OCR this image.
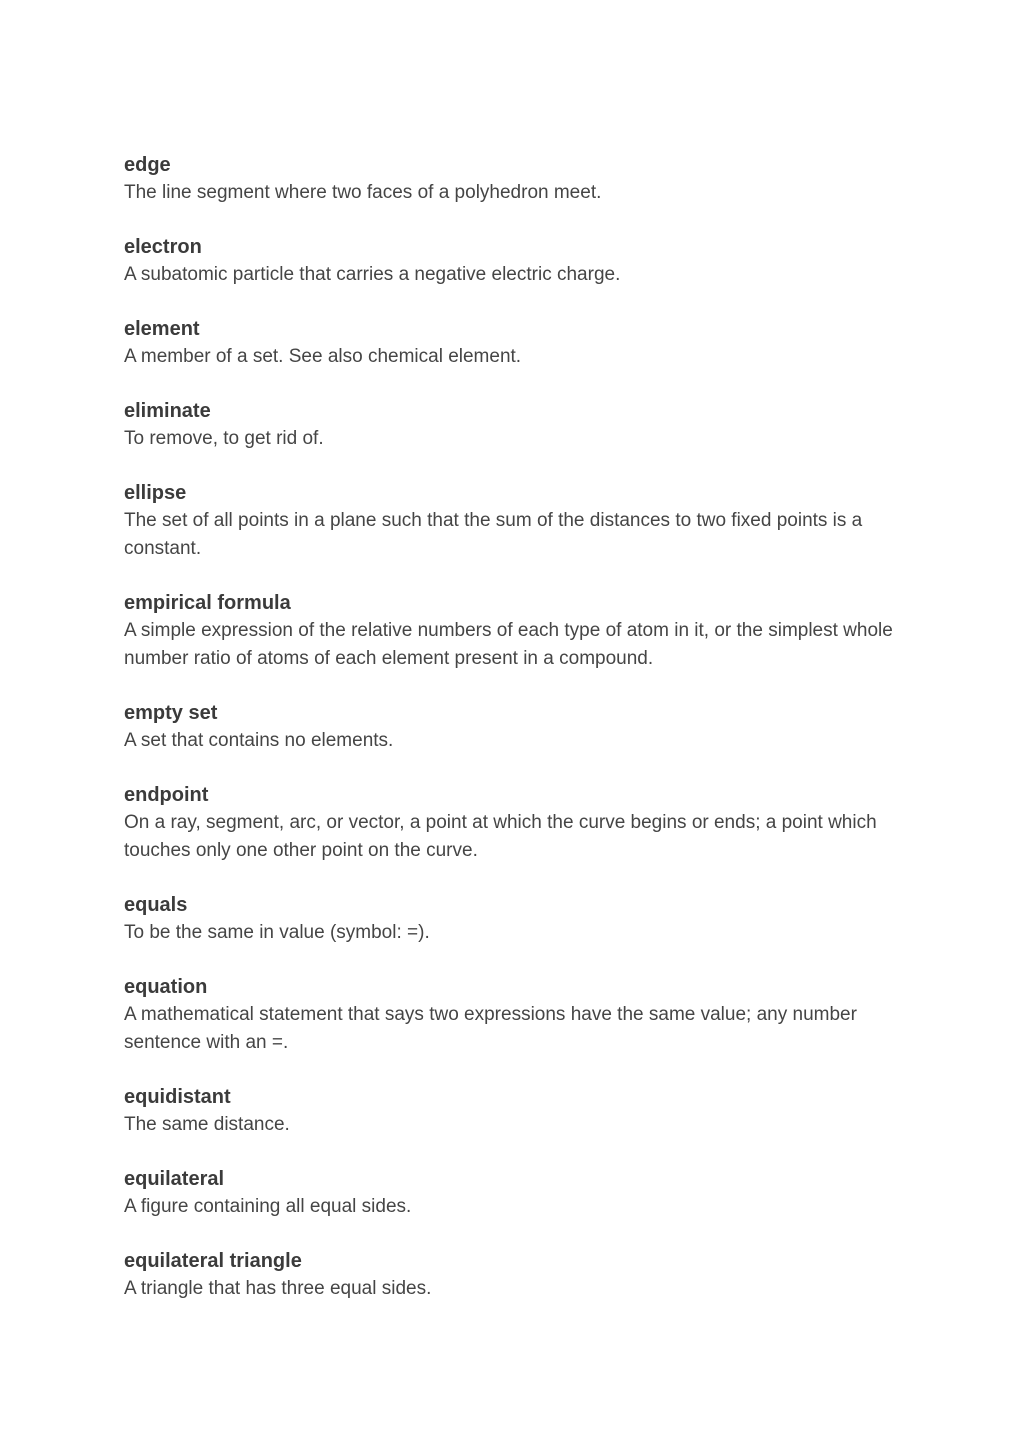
edge

The line segment where two faces of a polyhedron meet.

electron

A subatomic particle that carries a negative electric charge.

element

A member of a set. See also chemical element.

eliminate

To remove, to get rid of.

ellipse

The set of all points in a plane such that the sum of the distances to two fixed points is a constant.

empirical formula

A simple expression of the relative numbers of each type of atom in it, or the simplest whole number ratio of atoms of each element present in a compound.

empty set

A set that contains no elements.

endpoint

On a ray, segment, arc, or vector, a point at which the curve begins or ends; a point which touches only one other point on the curve.

equals

To be the same in value (symbol: =).

equation

A mathematical statement that says two expressions have the same value; any number sentence with an =.

equidistant

The same distance.

equilateral

A figure containing all equal sides.

equilateral triangle

A triangle that has three equal sides.
